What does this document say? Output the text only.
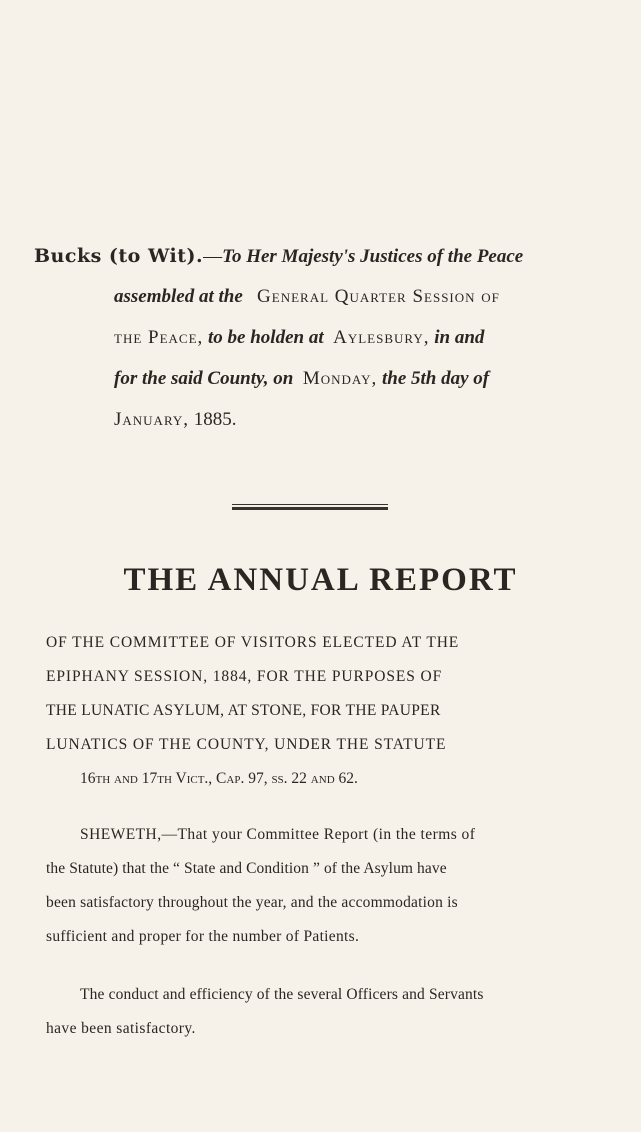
Bucks (to Wit).—To Her Majesty's Justices of the Peace
assembled at the General Quarter Session of
the Peace, to be holden at Aylesbury, in and
for the said County, on Monday, the 5th day of
January, 1885.
THE ANNUAL REPORT
OF THE COMMITTEE OF VISITORS ELECTED AT THE
EPIPHANY SESSION, 1884, FOR THE PURPOSES OF
THE LUNATIC ASYLUM, AT STONE, FOR THE PAUPER
LUNATICS OF THE COUNTY, UNDER THE STATUTE
16th and 17th Vict., Cap. 97, ss. 22 and 62.
SHEWETH,—That your Committee Report (in the terms of
the Statute) that the “ State and Condition ” of the Asylum have
been satisfactory throughout the year, and the accommodation is
sufficient and proper for the number of Patients.
The conduct and efficiency of the several Officers and Servants
have been satisfactory.
